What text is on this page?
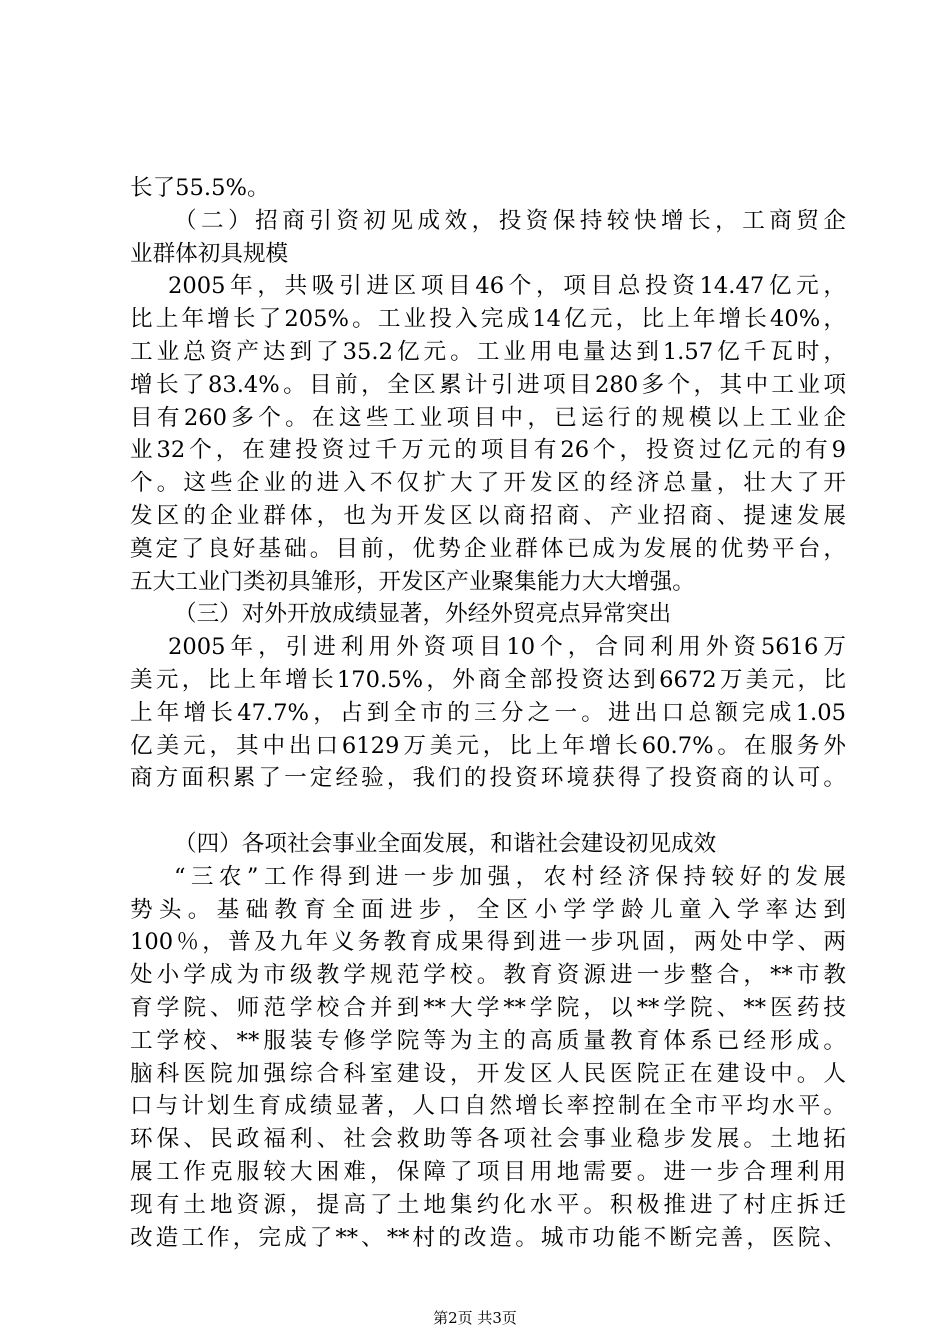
长了55.5%。
（二）招商引资初见成效，投资保持较快增长，工商贸企
业群体初具规模
2005年，共吸引进区项目46个，项目总投资14.47亿元，
比上年增长了205%。工业投入完成14亿元，比上年增长40%，
工业总资产达到了35.2亿元。工业用电量达到1.57亿千瓦时，
增长了83.4%。目前，全区累计引进项目280多个，其中工业项
目有260多个。在这些工业项目中，已运行的规模以上工业企
业32个，在建投资过千万元的项目有26个，投资过亿元的有9
个。这些企业的进入不仅扩大了开发区的经济总量，壮大了开
发区的企业群体，也为开发区以商招商、产业招商、提速发展
奠定了良好基础。目前，优势企业群体已成为发展的优势平台，
五大工业门类初具雏形，开发区产业聚集能力大大增强。
（三）对外开放成绩显著，外经外贸亮点异常突出
2005年，引进利用外资项目10个，合同利用外资5616万
美元，比上年增长170.5%，外商全部投资达到6672万美元，比
上年增长47.7%，占到全市的三分之一。进出口总额完成1.05
亿美元，其中出口6129万美元，比上年增长60.7%。在服务外
商方面积累了一定经验，我们的投资环境获得了投资商的认可。
（四）各项社会事业全面发展，和谐社会建设初见成效
“三农”工作得到进一步加强，农村经济保持较好的发展
势头。基础教育全面进步，全区小学学龄儿童入学率达到
100％，普及九年义务教育成果得到进一步巩固，两处中学、两
处小学成为市级教学规范学校。教育资源进一步整合，**市教
育学院、师范学校合并到**大学**学院，以**学院、**医药技
工学校、**服装专修学院等为主的高质量教育体系已经形成。
脑科医院加强综合科室建设，开发区人民医院正在建设中。人
口与计划生育成绩显著，人口自然增长率控制在全市平均水平。
环保、民政福利、社会救助等各项社会事业稳步发展。土地拓
展工作克服较大困难，保障了项目用地需要。进一步合理利用
现有土地资源，提高了土地集约化水平。积极推进了村庄拆迁
改造工作，完成了**、**村的改造。城市功能不断完善，医院、
第2页 共3页
